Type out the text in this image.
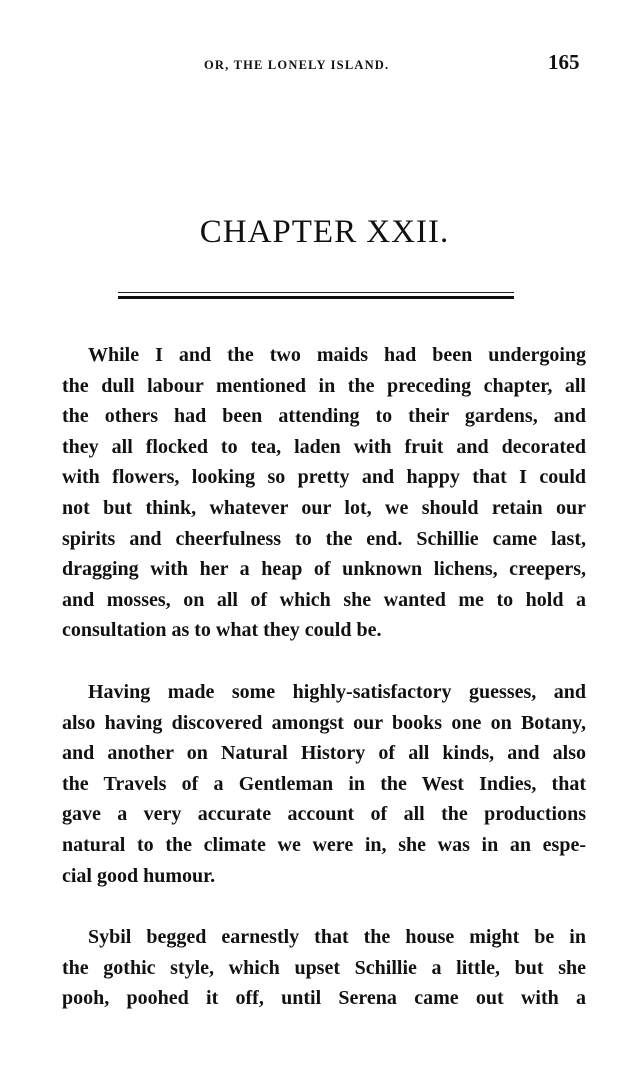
OR, THE LONELY ISLAND.	165
CHAPTER XXII.
While I and the two maids had been undergoing
the dull labour mentioned in the preceding chapter, all
the others had been attending to their gardens, and
they all flocked to tea, laden with fruit and decorated
with flowers, looking so pretty and happy that I could
not but think, whatever our lot, we should retain our
spirits and cheerfulness to the end. Schillie came last,
dragging with her a heap of unknown lichens, creepers,
and mosses, on all of which she wanted me to hold a
consultation as to what they could be.
Having made some highly-satisfactory guesses, and
also having discovered amongst our books one on Botany,
and another on Natural History of all kinds, and also
the Travels of a Gentleman in the West Indies, that
gave a very accurate account of all the productions
natural to the climate we were in, she was in an espe-
cial good humour.
Sybil begged earnestly that the house might be in
the gothic style, which upset Schillie a little, but she
pooh, poohed it off, until Serena came out with a
